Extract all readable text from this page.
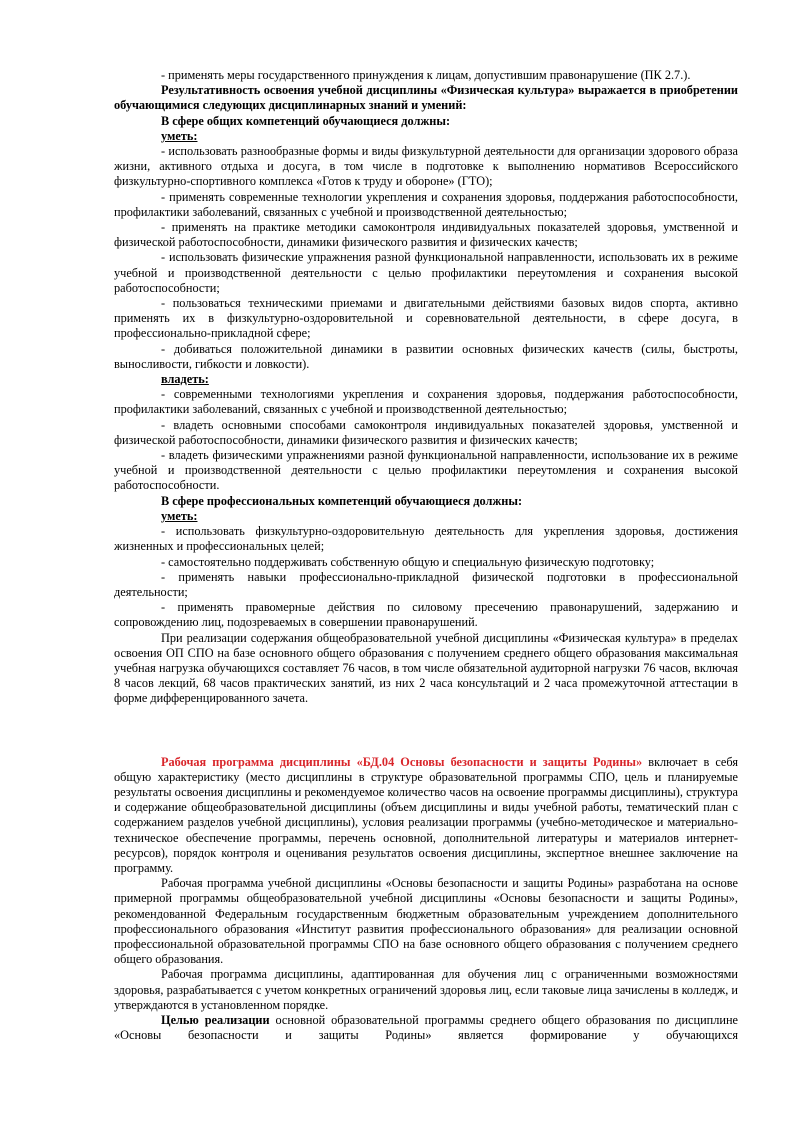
- применять меры государственного принуждения к лицам, допустившим правонарушение (ПК 2.7.).

Результативность освоения учебной дисциплины «Физическая культура» выражается в приобретении обучающимися следующих дисциплинарных знаний и умений:

В сфере общих компетенций обучающиеся должны:

уметь:

- использовать разнообразные формы и виды физкультурной деятельности для организации здорового образа жизни, активного отдыха и досуга, в том числе в подготовке к выполнению нормативов Всероссийского физкультурно-спортивного комплекса «Готов к труду и обороне» (ГТО);

- применять современные технологии укрепления и сохранения здоровья, поддержания работоспособности, профилактики заболеваний, связанных с учебной и производственной деятельностью;

- применять на практике методики самоконтроля индивидуальных показателей здоровья, умственной и физической работоспособности, динамики физического развития и физических качеств;

- использовать физические упражнения разной функциональной направленности, использовать их в режиме учебной и производственной деятельности с целью профилактики переутомления и сохранения высокой работоспособности;

- пользоваться техническими приемами и двигательными действиями базовых видов спорта, активно применять их в физкультурно-оздоровительной и соревновательной деятельности, в сфере досуга, в профессионально-прикладной сфере;

- добиваться положительной динамики в развитии основных физических качеств (силы, быстроты, выносливости, гибкости и ловкости).

владеть:

- современными технологиями укрепления и сохранения здоровья, поддержания работоспособности, профилактики заболеваний, связанных с учебной и производственной деятельностью;

- владеть основными способами самоконтроля индивидуальных показателей здоровья, умственной и физической работоспособности, динамики физического развития и физических качеств;

- владеть физическими упражнениями разной функциональной направленности, использование их в режиме учебной и производственной деятельности с целью профилактики переутомления и сохранения высокой работоспособности.

В сфере профессиональных компетенций обучающиеся должны:

уметь:

- использовать физкультурно-оздоровительную деятельность для укрепления здоровья, достижения жизненных и профессиональных целей;

- самостоятельно поддерживать собственную общую и специальную физическую подготовку;

- применять навыки профессионально-прикладной физической подготовки в профессиональной деятельности;

- применять правомерные действия по силовому пресечению правонарушений, задержанию и сопровождению лиц, подозреваемых в совершении правонарушений.

При реализации содержания общеобразовательной учебной дисциплины «Физическая культура» в пределах освоения ОП СПО на базе основного общего образования с получением среднего общего образования максимальная учебная нагрузка обучающихся составляет 76 часов, в том числе обязательной аудиторной нагрузки 76 часов, включая 8 часов лекций, 68 часов практических занятий, из них 2 часа консультаций и 2 часа промежуточной аттестации в форме дифференцированного зачета.

Рабочая программа дисциплины «БД.04 Основы безопасности и защиты Родины» включает в себя общую характеристику (место дисциплины в структуре образовательной программы СПО, цель и планируемые результаты освоения дисциплины и рекомендуемое количество часов на освоение программы дисциплины), структура и содержание общеобразовательной дисциплины (объем дисциплины и виды учебной работы, тематический план с содержанием разделов учебной дисциплины), условия реализации программы (учебно-методическое и материально-техническое обеспечение программы, перечень основной, дополнительной литературы и материалов интернет-ресурсов), порядок контроля и оценивания результатов освоения дисциплины, экспертное внешнее заключение на программу.

Рабочая программа учебной дисциплины «Основы безопасности и защиты Родины» разработана на основе примерной программы общеобразовательной учебной дисциплины «Основы безопасности и защиты Родины», рекомендованной Федеральным государственным бюджетным образовательным учреждением дополнительного профессионального образования «Институт развития профессионального образования» для реализации основной профессиональной образовательной программы СПО на базе основного общего образования с получением среднего общего образования.

Рабочая программа дисциплины, адаптированная для обучения лиц с ограниченными возможностями здоровья, разрабатывается с учетом конкретных ограничений здоровья лиц, если таковые лица зачислены в колледж, и утверждаются в установленном порядке.

Целью реализации основной образовательной программы среднего общего образования по дисциплине «Основы безопасности и защиты Родины» является формирование у обучающихся
